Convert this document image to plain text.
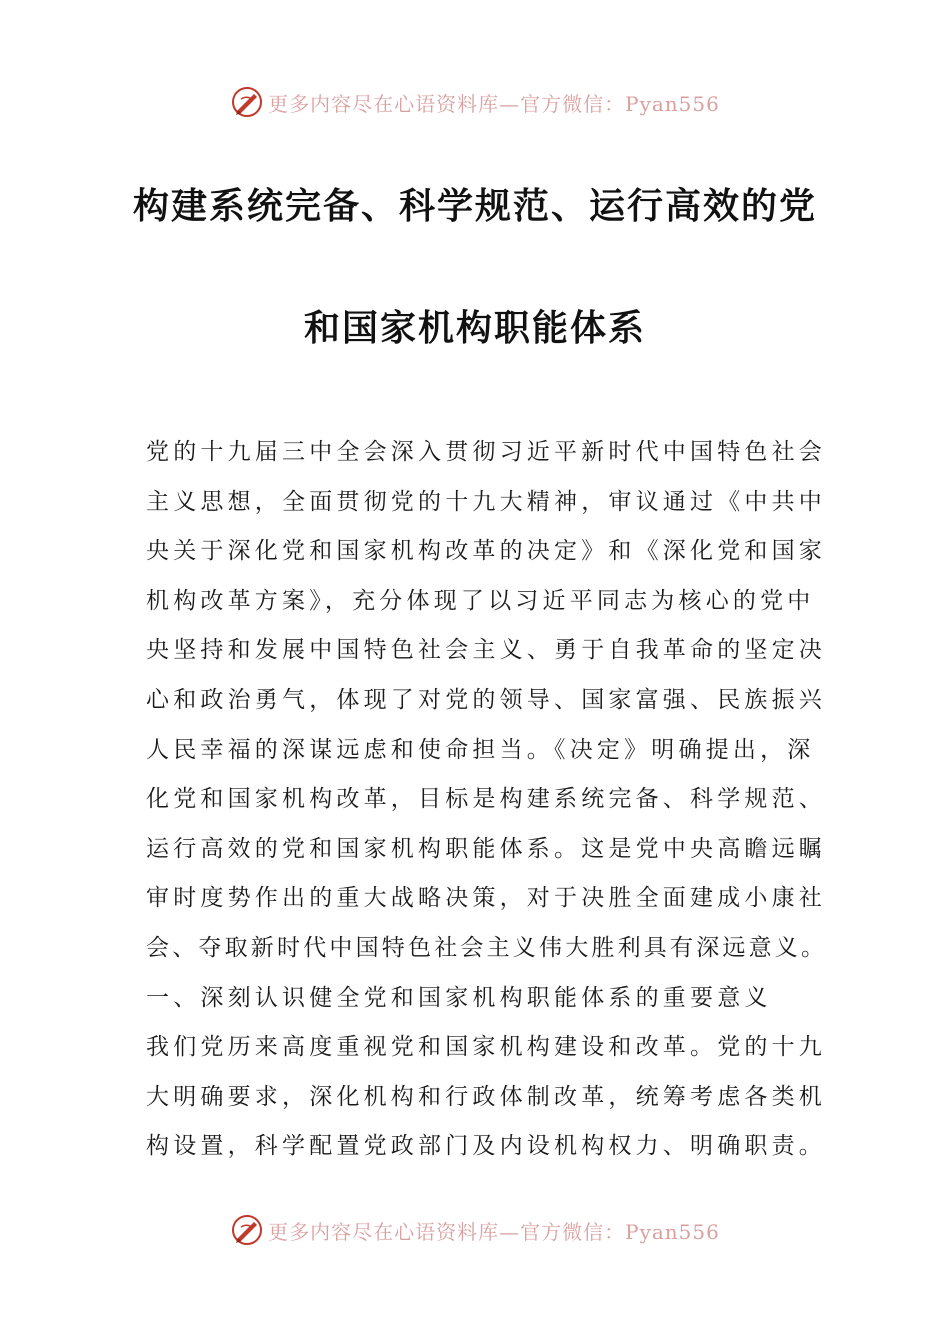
更多内容尽在心语资料库—官方微信：Pyan556
构建系统完备、科学规范、运行高效的党
和国家机构职能体系
党的十九届三中全会深入贯彻习近平新时代中国特色社会
主义思想，全面贯彻党的十九大精神，审议通过《中共中
央关于深化党和国家机构改革的决定》和《深化党和国家
机构改革方案》，充分体现了以习近平同志为核心的党中
央坚持和发展中国特色社会主义、勇于自我革命的坚定决
心和政治勇气，体现了对党的领导、国家富强、民族振兴
人民幸福的深谋远虑和使命担当。《决定》明确提出，深
化党和国家机构改革，目标是构建系统完备、科学规范、
运行高效的党和国家机构职能体系。这是党中央高瞻远瞩
审时度势作出的重大战略决策，对于决胜全面建成小康社
会、夺取新时代中国特色社会主义伟大胜利具有深远意义。
一、深刻认识健全党和国家机构职能体系的重要意义
我们党历来高度重视党和国家机构建设和改革。党的十九
大明确要求，深化机构和行政体制改革，统筹考虑各类机
构设置，科学配置党政部门及内设机构权力、明确职责。
更多内容尽在心语资料库—官方微信：Pyan556
